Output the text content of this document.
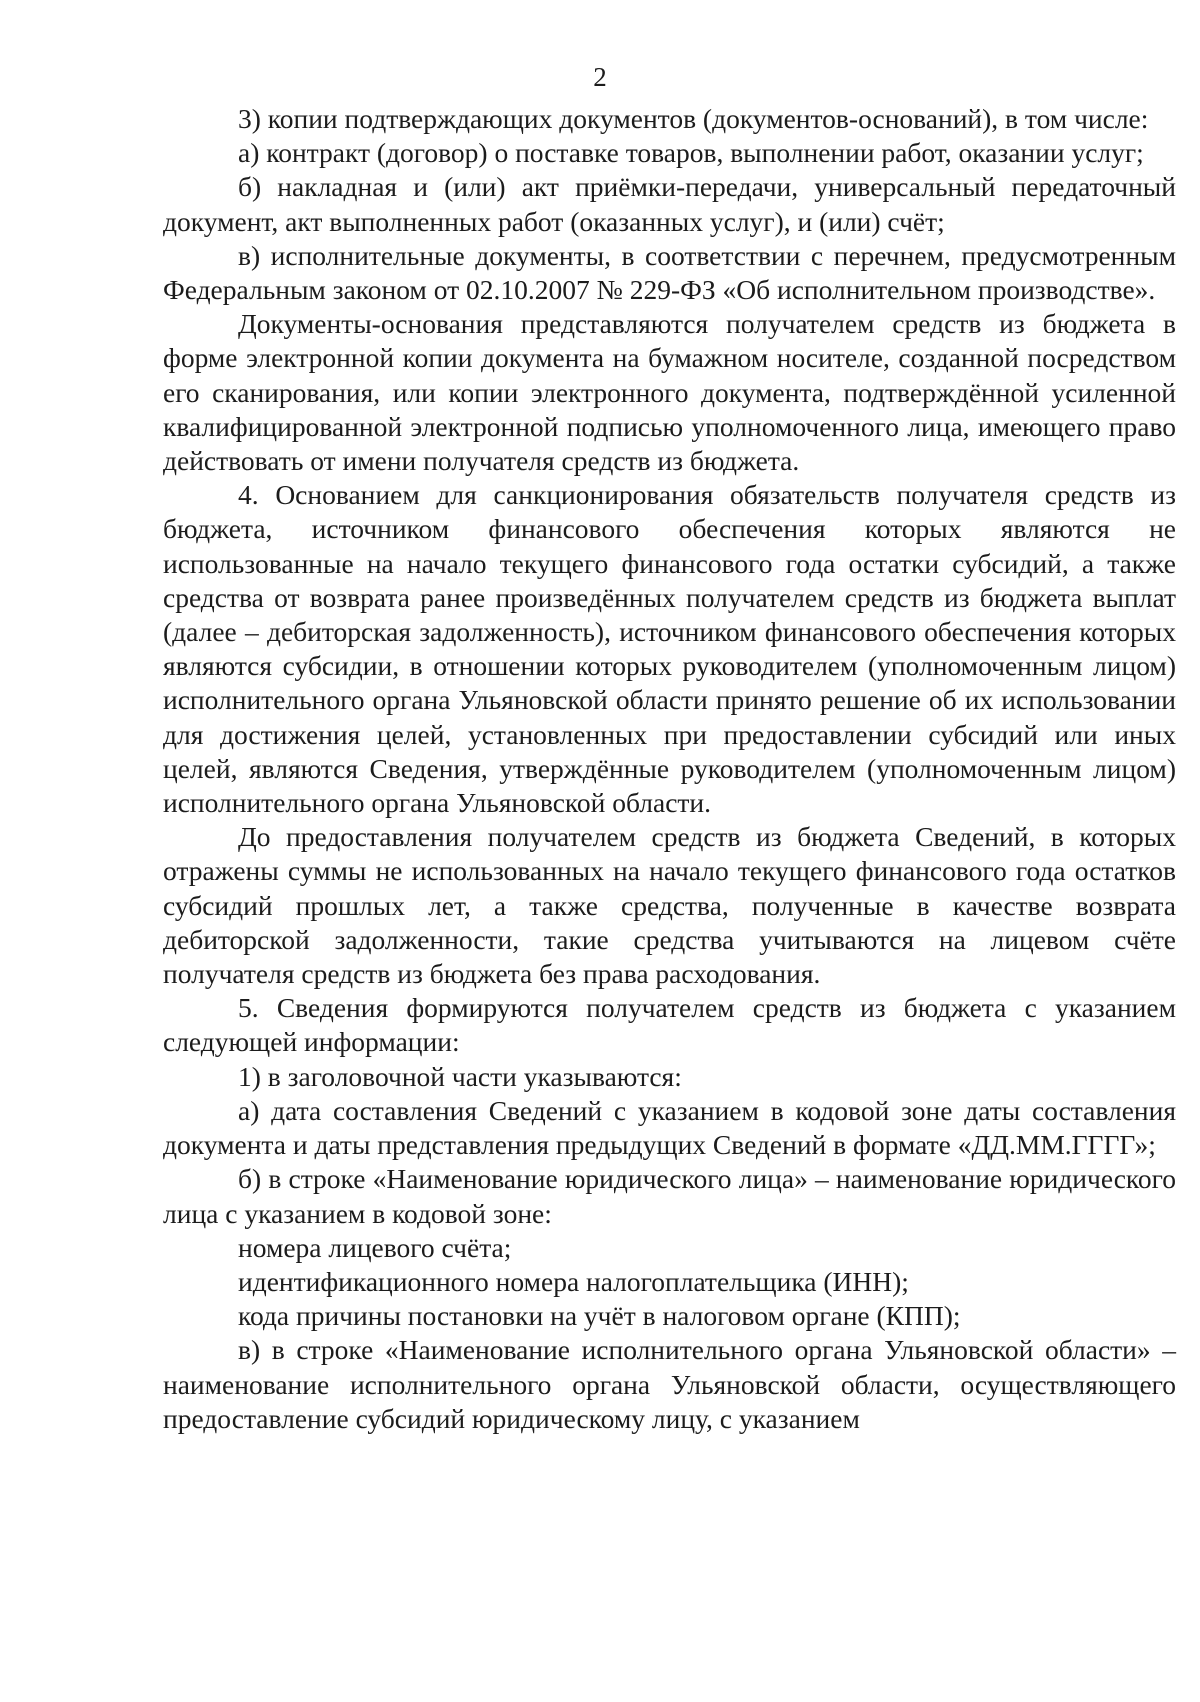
2

3) копии подтверждающих документов (документов-оснований), в том числе:

а) контракт (договор) о поставке товаров, выполнении работ, оказании услуг;

б) накладная и (или) акт приёмки-передачи, универсальный передаточный документ, акт выполненных работ (оказанных услуг), и (или) счёт;

в) исполнительные документы, в соответствии с перечнем, предусмотренным Федеральным законом от 02.10.2007 № 229-ФЗ «Об исполнительном производстве».

Документы-основания представляются получателем средств из бюджета в форме электронной копии документа на бумажном носителе, созданной посредством его сканирования, или копии электронного документа, подтверждённой усиленной квалифицированной электронной подписью уполномоченного лица, имеющего право действовать от имени получателя средств из бюджета.

4. Основанием для санкционирования обязательств получателя средств из бюджета, источником финансового обеспечения которых являются не использованные на начало текущего финансового года остатки субсидий, а также средства от возврата ранее произведённых получателем средств из бюджета выплат (далее – дебиторская задолженность), источником финансового обеспечения которых являются субсидии, в отношении которых руководителем (уполномоченным лицом) исполнительного органа Ульяновской области принято решение об их использовании для достижения целей, установленных при предоставлении субсидий или иных целей, являются Сведения, утверждённые руководителем (уполномоченным лицом) исполнительного органа Ульяновской области.

До предоставления получателем средств из бюджета Сведений, в которых отражены суммы не использованных на начало текущего финансового года остатков субсидий прошлых лет, а также средства, полученные в качестве возврата дебиторской задолженности, такие средства учитываются на лицевом счёте получателя средств из бюджета без права расходования.

5. Сведения формируются получателем средств из бюджета с указанием следующей информации:

1) в заголовочной части указываются:

а) дата составления Сведений с указанием в кодовой зоне даты составления документа и даты представления предыдущих Сведений в формате «ДД.ММ.ГГГГ»;

б) в строке «Наименование юридического лица» – наименование юридического лица с указанием в кодовой зоне:

номера лицевого счёта;

идентификационного номера налогоплательщика (ИНН);

кода причины постановки на учёт в налоговом органе (КПП);

в) в строке «Наименование исполнительного органа Ульяновской области» – наименование исполнительного органа Ульяновской области, осуществляющего предоставление субсидий юридическому лицу, с указанием
